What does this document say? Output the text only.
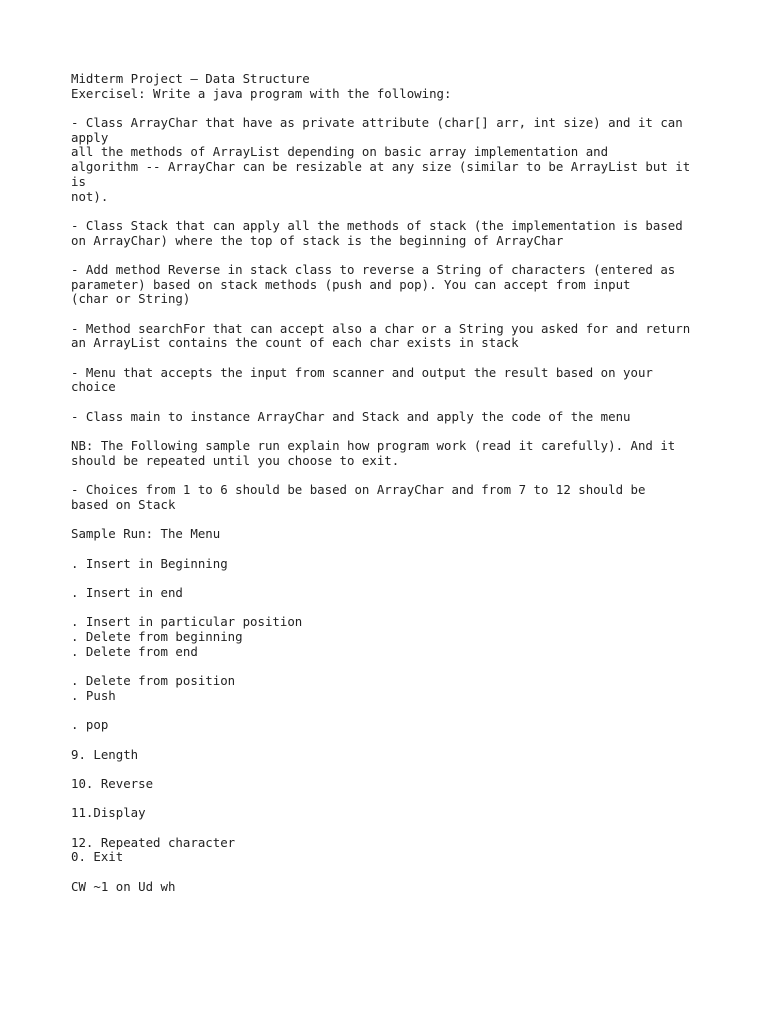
Midterm Project — Data Structure
Exercisel: Write a java program with the following:
- Class ArrayChar that have as private attribute (char[] arr, int size) and it can
apply
all the methods of ArrayList depending on basic array implementation and
algorithm -- ArrayChar can be resizable at any size (similar to be ArrayList but it
is
not).
- Class Stack that can apply all the methods of stack (the implementation is based
on ArrayChar) where the top of stack is the beginning of ArrayChar
- Add method Reverse in stack class to reverse a String of characters (entered as
parameter) based on stack methods (push and pop). You can accept from input
(char or String)
- Method searchFor that can accept also a char or a String you asked for and return
an ArrayList contains the count of each char exists in stack
- Menu that accepts the input from scanner and output the result based on your
choice
- Class main to instance ArrayChar and Stack and apply the code of the menu
NB: The Following sample run explain how program work (read it carefully). And it
should be repeated until you choose to exit.
- Choices from 1 to 6 should be based on ArrayChar and from 7 to 12 should be
based on Stack
Sample Run: The Menu
. Insert in Beginning
. Insert in end
. Insert in particular position
. Delete from beginning
. Delete from end
. Delete from position
. Push
. pop
9. Length
10. Reverse
11.Display
12. Repeated character
0. Exit
CW ~1 on Ud wh
